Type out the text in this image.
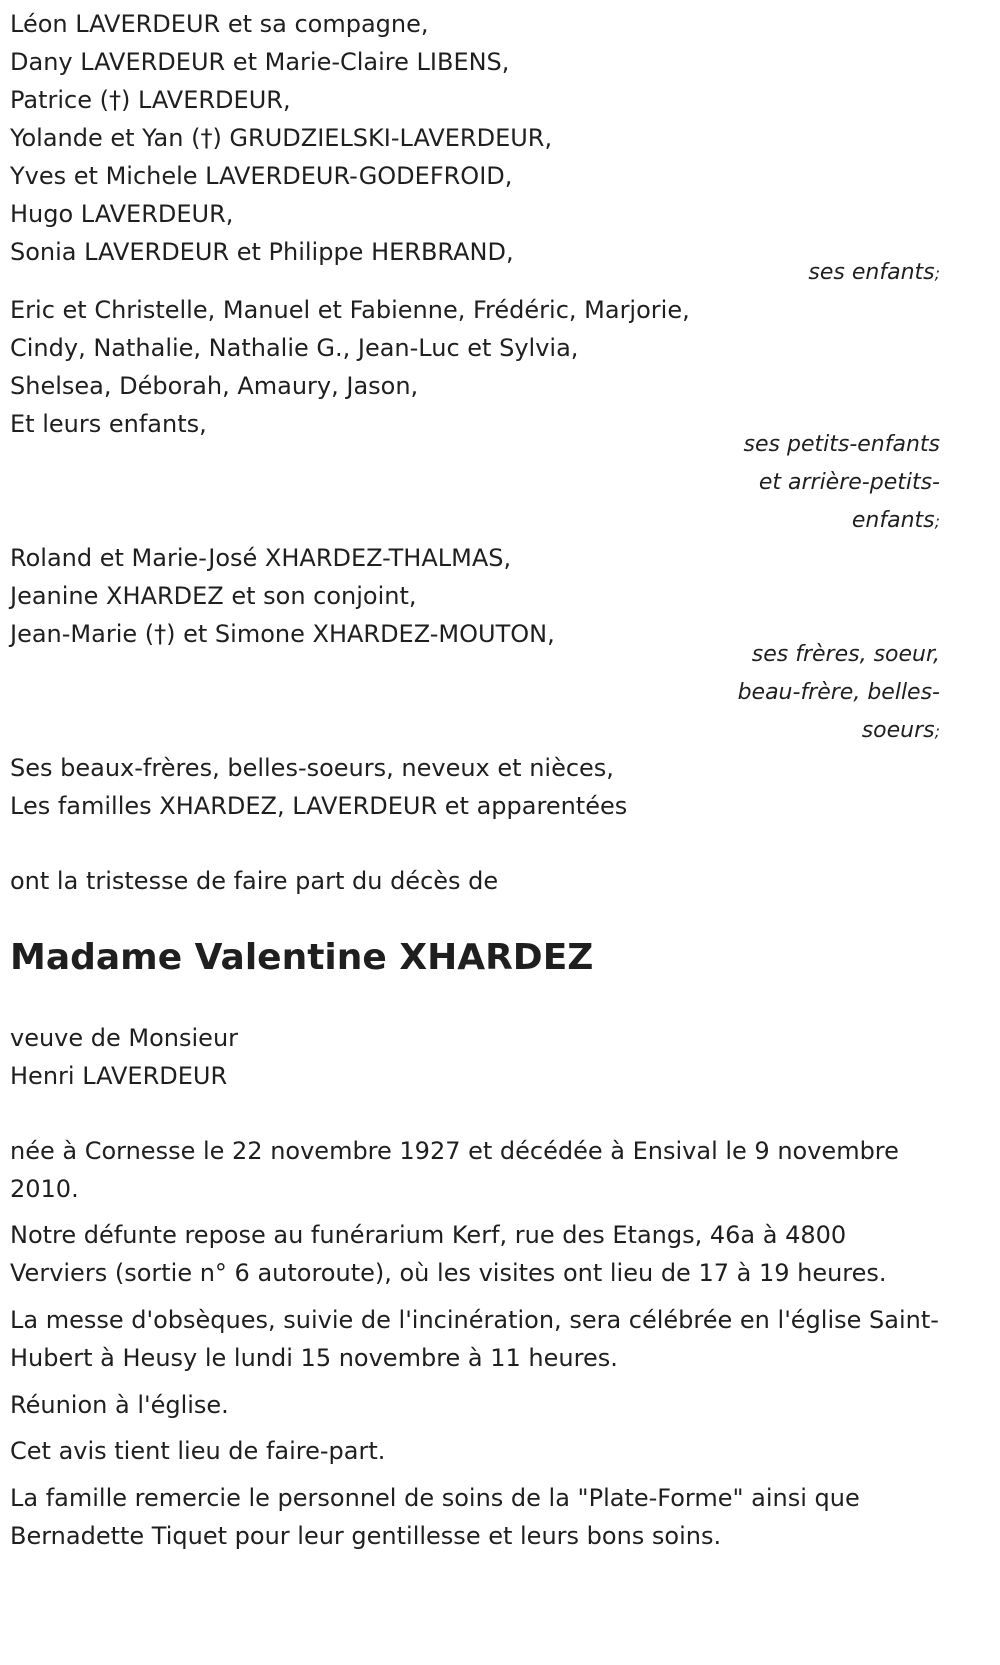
Léon LAVERDEUR et sa compagne,
Dany LAVERDEUR et Marie-Claire LIBENS,
Patrice (†) LAVERDEUR,
Yolande et Yan (†) GRUDZIELSKI-LAVERDEUR,
Yves et Michele LAVERDEUR-GODEFROID,
Hugo LAVERDEUR,
Sonia LAVERDEUR et Philippe HERBRAND,
ses enfants;
Eric et Christelle, Manuel et Fabienne, Frédéric, Marjorie,
Cindy, Nathalie, Nathalie G., Jean-Luc et Sylvia,
Shelsea, Déborah, Amaury, Jason,
Et leurs enfants,
ses petits-enfants
et arrière-petits-
enfants;
Roland et Marie-José XHARDEZ-THALMAS,
Jeanine XHARDEZ et son conjoint,
Jean-Marie (†) et Simone XHARDEZ-MOUTON,
ses frères, soeur,
beau-frère, belles-
soeurs;
Ses beaux-frères, belles-soeurs, neveux et nièces,
Les familles XHARDEZ, LAVERDEUR et apparentées
ont la tristesse de faire part du décès de
Madame Valentine XHARDEZ
veuve de Monsieur
Henri LAVERDEUR
née à Cornesse le 22 novembre 1927 et décédée à Ensival le 9 novembre 2010.
Notre défunte repose au funérarium Kerf, rue des Etangs, 46a à 4800 Verviers (sortie n° 6 autoroute), où les visites ont lieu de 17 à 19 heures.
La messe d'obsèques, suivie de l'incinération, sera célébrée en l'église Saint-Hubert à Heusy le lundi 15 novembre à 11 heures.
Réunion à l'église.
Cet avis tient lieu de faire-part.
La famille remercie le personnel de soins de la "Plate-Forme" ainsi que Bernadette Tiquet pour leur gentillesse et leurs bons soins.
